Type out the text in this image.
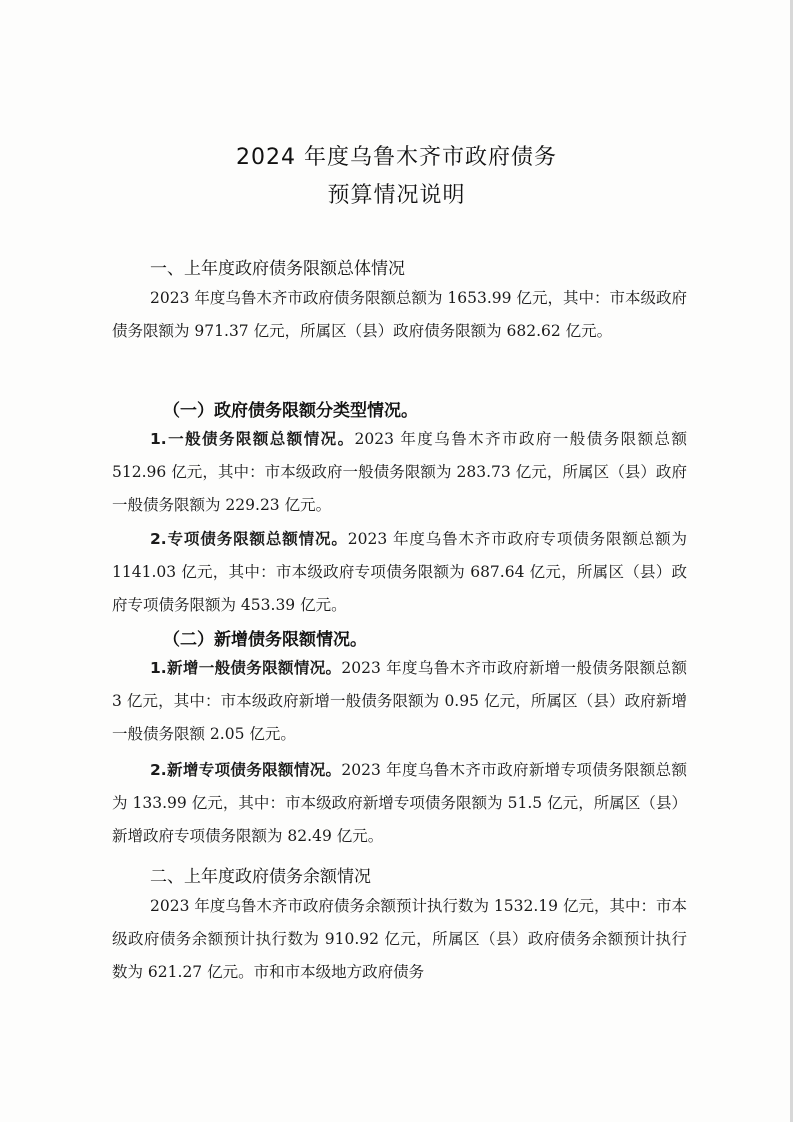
2024 年度乌鲁木齐市政府债务
预算情况说明
一、上年度政府债务限额总体情况
2023 年度乌鲁木齐市政府债务限额总额为 1653.99 亿元，其中：市本级政府债务限额为 971.37 亿元，所属区（县）政府债务限额为 682.62 亿元。
（一）政府债务限额分类型情况。
1.一般债务限额总额情况。2023 年度乌鲁木齐市政府一般债务限额总额 512.96 亿元，其中：市本级政府一般债务限额为 283.73 亿元，所属区（县）政府一般债务限额为 229.23 亿元。
2.专项债务限额总额情况。2023 年度乌鲁木齐市政府专项债务限额总额为 1141.03 亿元，其中：市本级政府专项债务限额为 687.64 亿元，所属区（县）政府专项债务限额为 453.39 亿元。
（二）新增债务限额情况。
1.新增一般债务限额情况。2023 年度乌鲁木齐市政府新增一般债务限额总额 3 亿元，其中：市本级政府新增一般债务限额为 0.95 亿元，所属区（县）政府新增一般债务限额 2.05 亿元。
2.新增专项债务限额情况。2023 年度乌鲁木齐市政府新增专项债务限额总额为 133.99 亿元，其中：市本级政府新增专项债务限额为 51.5 亿元，所属区（县）新增政府专项债务限额为 82.49 亿元。
二、上年度政府债务余额情况
2023 年度乌鲁木齐市政府债务余额预计执行数为 1532.19 亿元，其中：市本级政府债务余额预计执行数为 910.92 亿元，所属区（县）政府债务余额预计执行数为 621.27 亿元。市和市本级地方政府债务
